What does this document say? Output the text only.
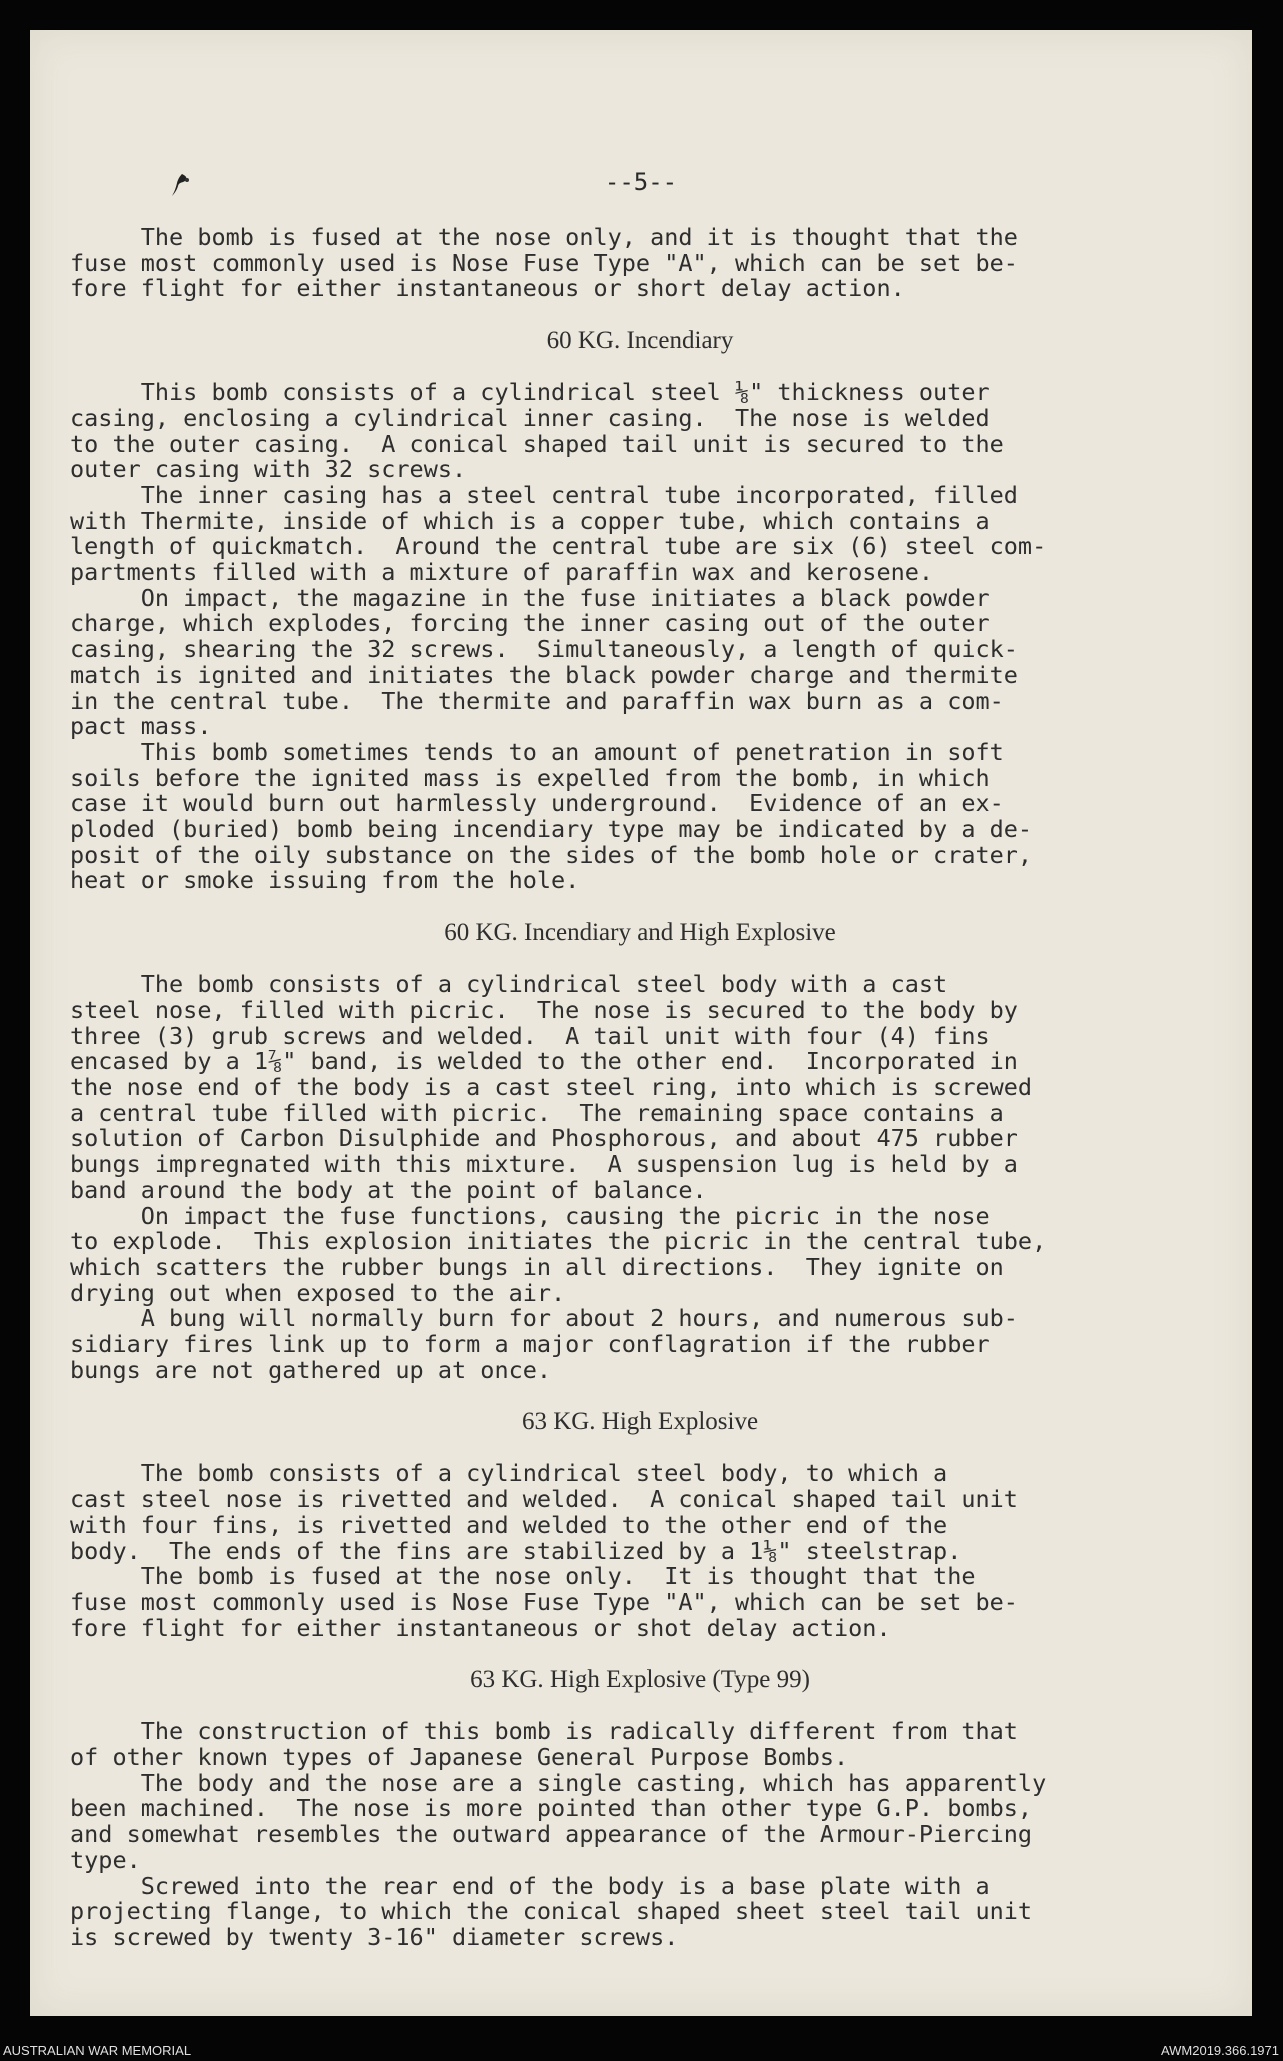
--5--

The bomb is fused at the nose only, and it is thought that the
fuse most commonly used is Nose Fuse Type "A", which can be set be-
fore flight for either instantaneous or short delay action.

60 KG. Incendiary

This bomb consists of a cylindrical steel ⅛" thickness outer
casing, enclosing a cylindrical inner casing.  The nose is welded
to the outer casing.  A conical shaped tail unit is secured to the
outer casing with 32 screws.
The inner casing has a steel central tube incorporated, filled
with Thermite, inside of which is a copper tube, which contains a
length of quickmatch.  Around the central tube are six (6) steel com-
partments filled with a mixture of paraffin wax and kerosene.
On impact, the magazine in the fuse initiates a black powder
charge, which explodes, forcing the inner casing out of the outer
casing, shearing the 32 screws.  Simultaneously, a length of quick-
match is ignited and initiates the black powder charge and thermite
in the central tube.  The thermite and paraffin wax burn as a com-
pact mass.
This bomb sometimes tends to an amount of penetration in soft
soils before the ignited mass is expelled from the bomb, in which
case it would burn out harmlessly underground.  Evidence of an ex-
ploded (buried) bomb being incendiary type may be indicated by a de-
posit of the oily substance on the sides of the bomb hole or crater,
heat or smoke issuing from the hole.

60 KG. Incendiary and High Explosive

The bomb consists of a cylindrical steel body with a cast
steel nose, filled with picric.  The nose is secured to the body by
three (3) grub screws and welded.  A tail unit with four (4) fins
encased by a 1⅞" band, is welded to the other end.  Incorporated in
the nose end of the body is a cast steel ring, into which is screwed
a central tube filled with picric.  The remaining space contains a
solution of Carbon Disulphide and Phosphorous, and about 475 rubber
bungs impregnated with this mixture.  A suspension lug is held by a
band around the body at the point of balance.
On impact the fuse functions, causing the picric in the nose
to explode.  This explosion initiates the picric in the central tube,
which scatters the rubber bungs in all directions.  They ignite on
drying out when exposed to the air.
A bung will normally burn for about 2 hours, and numerous sub-
sidiary fires link up to form a major conflagration if the rubber
bungs are not gathered up at once.

63 KG. High Explosive

The bomb consists of a cylindrical steel body, to which a
cast steel nose is rivetted and welded.  A conical shaped tail unit
with four fins, is rivetted and welded to the other end of the
body.  The ends of the fins are stabilized by a 1⅛" steelstrap.
The bomb is fused at the nose only.  It is thought that the
fuse most commonly used is Nose Fuse Type "A", which can be set be-
fore flight for either instantaneous or shot delay action.

63 KG. High Explosive (Type 99)

The construction of this bomb is radically different from that
of other known types of Japanese General Purpose Bombs.
The body and the nose are a single casting, which has apparently
been machined.  The nose is more pointed than other type G.P. bombs,
and somewhat resembles the outward appearance of the Armour-Piercing
type.
Screwed into the rear end of the body is a base plate with a
projecting flange, to which the conical shaped sheet steel tail unit
is screwed by twenty 3-16" diameter screws.

AUSTRALIAN WAR MEMORIAL	AWM2019.366.1971
